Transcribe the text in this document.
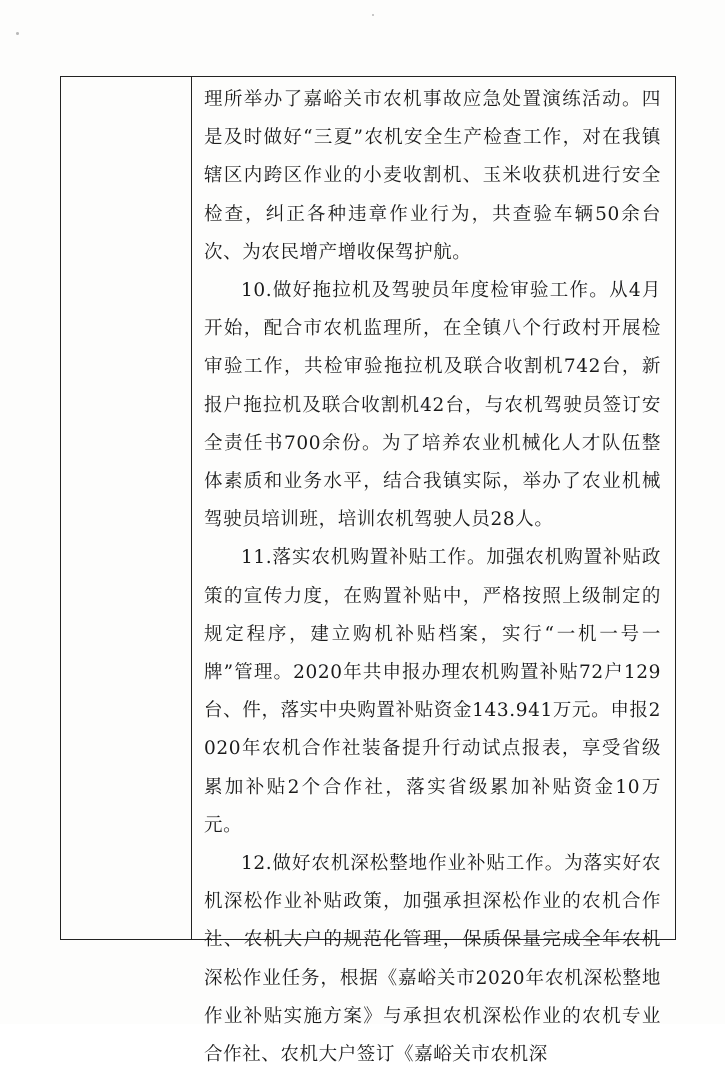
理所举办了嘉峪关市农机事故应急处置演练活动。四是及时做好“三夏”农机安全生产检查工作，对在我镇辖区内跨区作业的小麦收割机、玉米收获机进行安全检查，纠正各种违章作业行为，共查验车辆50余台次、为农民增产增收保驾护航。

10.做好拖拉机及驾驶员年度检审验工作。从4月开始，配合市农机监理所，在全镇八个行政村开展检审验工作，共检审验拖拉机及联合收割机742台，新报户拖拉机及联合收割机42台，与农机驾驶员签订安全责任书700余份。为了培养农业机械化人才队伍整体素质和业务水平，结合我镇实际，举办了农业机械驾驶员培训班，培训农机驾驶人员28人。

11.落实农机购置补贴工作。加强农机购置补贴政策的宣传力度，在购置补贴中，严格按照上级制定的规定程序，建立购机补贴档案，实行“一机一号一牌”管理。2020年共申报办理农机购置补贴72户129台、件，落实中央购置补贴资金143.941万元。申报2020年农机合作社装备提升行动试点报表，享受省级累加补贴2个合作社，落实省级累加补贴资金10万元。

12.做好农机深松整地作业补贴工作。为落实好农机深松作业补贴政策，加强承担深松作业的农机合作社、农机大户的规范化管理，保质保量完成全年农机深松作业任务，根据《嘉峪关市2020年农机深松整地作业补贴实施方案》与承担农机深松作业的农机专业合作社、农机大户签订《嘉峪关市农机深
